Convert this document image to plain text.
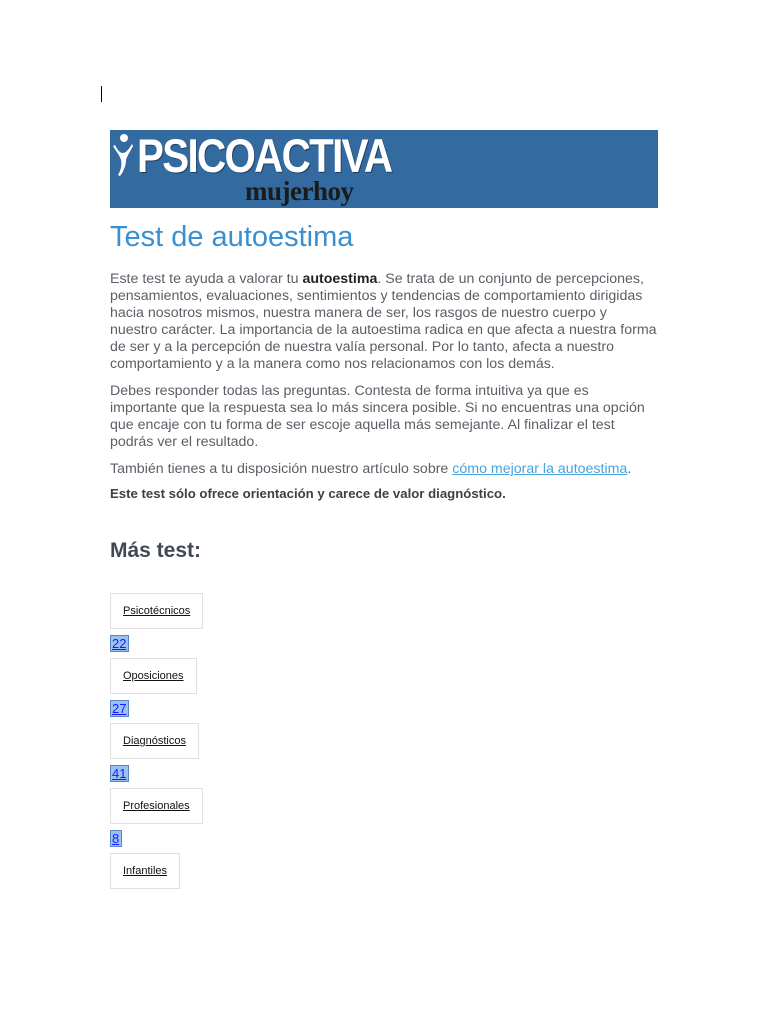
PSICOACTIVA
mujerhoy
Test de autoestima

Este test te ayuda a valorar tu autoestima. Se trata de un conjunto de percepciones, pensamientos, evaluaciones, sentimientos y tendencias de comportamiento dirigidas hacia nosotros mismos, nuestra manera de ser, los rasgos de nuestro cuerpo y nuestro carácter. La importancia de la autoestima radica en que afecta a nuestra forma de ser y a la percepción de nuestra valía personal. Por lo tanto, afecta a nuestro comportamiento y a la manera como nos relacionamos con los demás.

Debes responder todas las preguntas. Contesta de forma intuitiva ya que es importante que la respuesta sea lo más sincera posible. Si no encuentras una opción que encaje con tu forma de ser escoje aquella más semejante. Al finalizar el test podrás ver el resultado.

También tienes a tu disposición nuestro artículo sobre cómo mejorar la autoestima.

Este test sólo ofrece orientación y carece de valor diagnóstico.

Más test:
Psicotécnicos
22
Oposiciones
27
Diagnósticos
41
Profesionales
8
Infantiles
